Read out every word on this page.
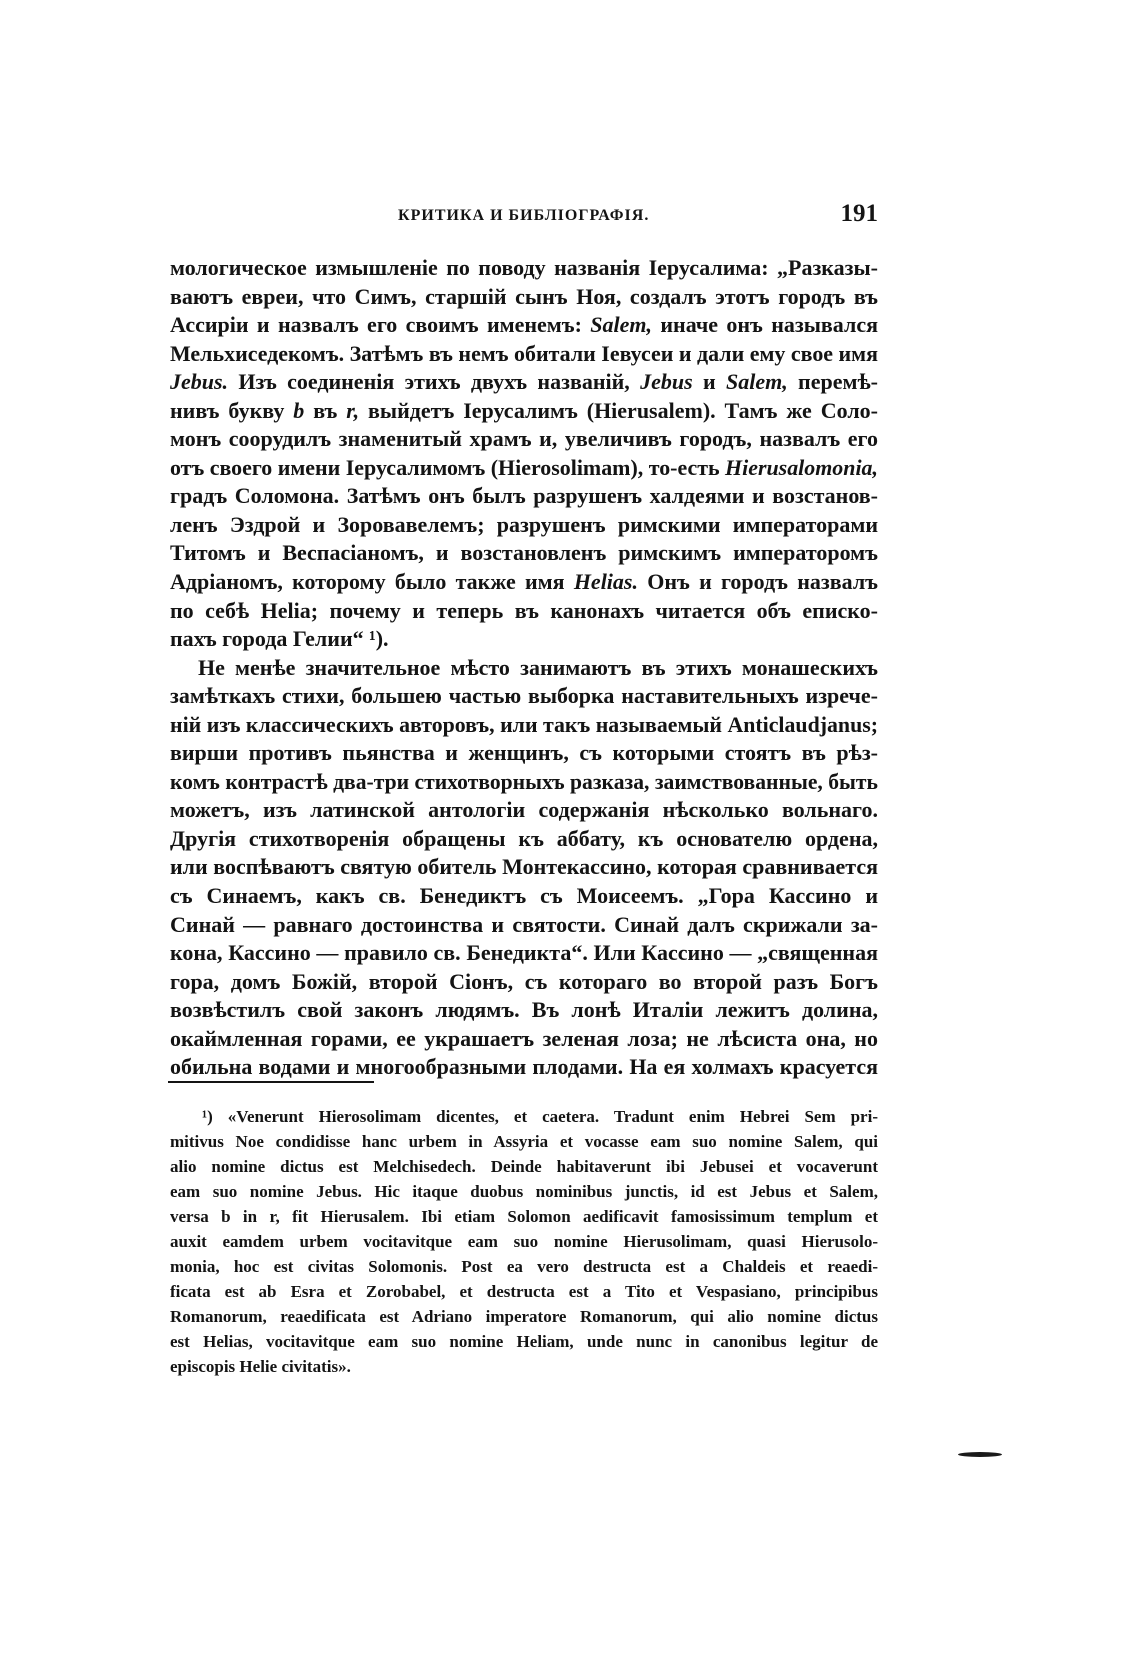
КРИТИКА И БИБЛІОГРАФІЯ.	191
мологическое измышленіе по поводу названія Іерусалима: „Разказы-
ваютъ евреи, что Симъ, старшій сынъ Ноя, создалъ этотъ городъ въ
Ассиріи и назвалъ его своимъ именемъ: Salem, иначе онъ назывался
Мельхиседекомъ. Затѣмъ въ немъ обитали Іевусеи и дали ему свое имя
Jebus. Изъ соединенія этихъ двухъ названій, Jebus и Salem, перемѣ-
нивъ букву b въ r, выйдетъ Іерусалимъ (Hierusalem). Тамъ же Соло-
монъ соорудилъ знаменитый храмъ и, увеличивъ городъ, назвалъ его
отъ своего имени Іерусалимомъ (Hierosolimam), то-есть Hierusalomonia,
градъ Соломона. Затѣмъ онъ былъ разрушенъ халдеями и возстанов-
ленъ Эздрой и Зоровавелемъ; разрушенъ римскими императорами
Титомъ и Веспасіаномъ, и возстановленъ римскимъ императоромъ
Адріаномъ, которому было также имя Helias. Онъ и городъ назвалъ
по себѣ Helia; почему и теперь въ канонахъ читается объ еписко-
пахъ города Гелии“ ¹).
Не менѣе значительное мѣсто занимаютъ въ этихъ монашескихъ
замѣткахъ стихи, большею частью выборка наставительныхъ изрече-
ній изъ классическихъ авторовъ, или такъ называемый Anticlaudjanus;
вирши противъ пьянства и женщинъ, съ которыми стоятъ въ рѣз-
комъ контрастѣ два-три стихотворныхъ разказа, заимствованные, быть
можетъ, изъ латинской антологіи содержанія нѣсколько вольнаго.
Другія стихотворенія обращены къ аббату, къ основателю ордена,
или воспѣваютъ святую обитель Монтекассино, которая сравнивается
съ Синаемъ, какъ св. Бенедиктъ съ Моисеемъ. „Гора Кассино и
Синай — равнаго достоинства и святости. Синай далъ скрижали за-
кона, Кассино — правило св. Бенедикта“. Или Кассино — „священная
гора, домъ Божій, второй Сіонъ, съ котораго во второй разъ Богъ
возвѣстилъ свой законъ людямъ. Въ лонѣ Италіи лежитъ долина,
окаймленная горами, ее украшаетъ зеленая лоза; не лѣсиста она, но
обильна водами и многообразными плодами. На ея холмахъ красуется
¹) «Venerunt Hierosolimam dicentes, et caetera. Tradunt enim Hebrei Sem pri-
mitivus Noe condidisse hanc urbem in Assyria et vocasse eam suo nomine Salem, qui
alio nomine dictus est Melchisedech. Deinde habitaverunt ibi Jebusei et vocaverunt
eam suo nomine Jebus. Hic itaque duobus nominibus junctis, id est Jebus et Salem,
versa b in r, fit Hierusalem. Ibi etiam Solomon aedificavit famosissimum templum et
auxit eamdem urbem vocitavitque eam suo nomine Hierusolimam, quasi Hierusolo-
monia, hoc est civitas Solomonis. Post ea vero destructa est a Chaldeis et reaedi-
ficata est ab Esra et Zorobabel, et destructa est a Tito et Vespasiano, principibus
Romanorum, reaedificata est Adriano imperatore Romanorum, qui alio nomine dictus
est Helias, vocitavitque eam suo nomine Heliam, unde nunc in canonibus legitur de
episcopis Helie civitatis».
